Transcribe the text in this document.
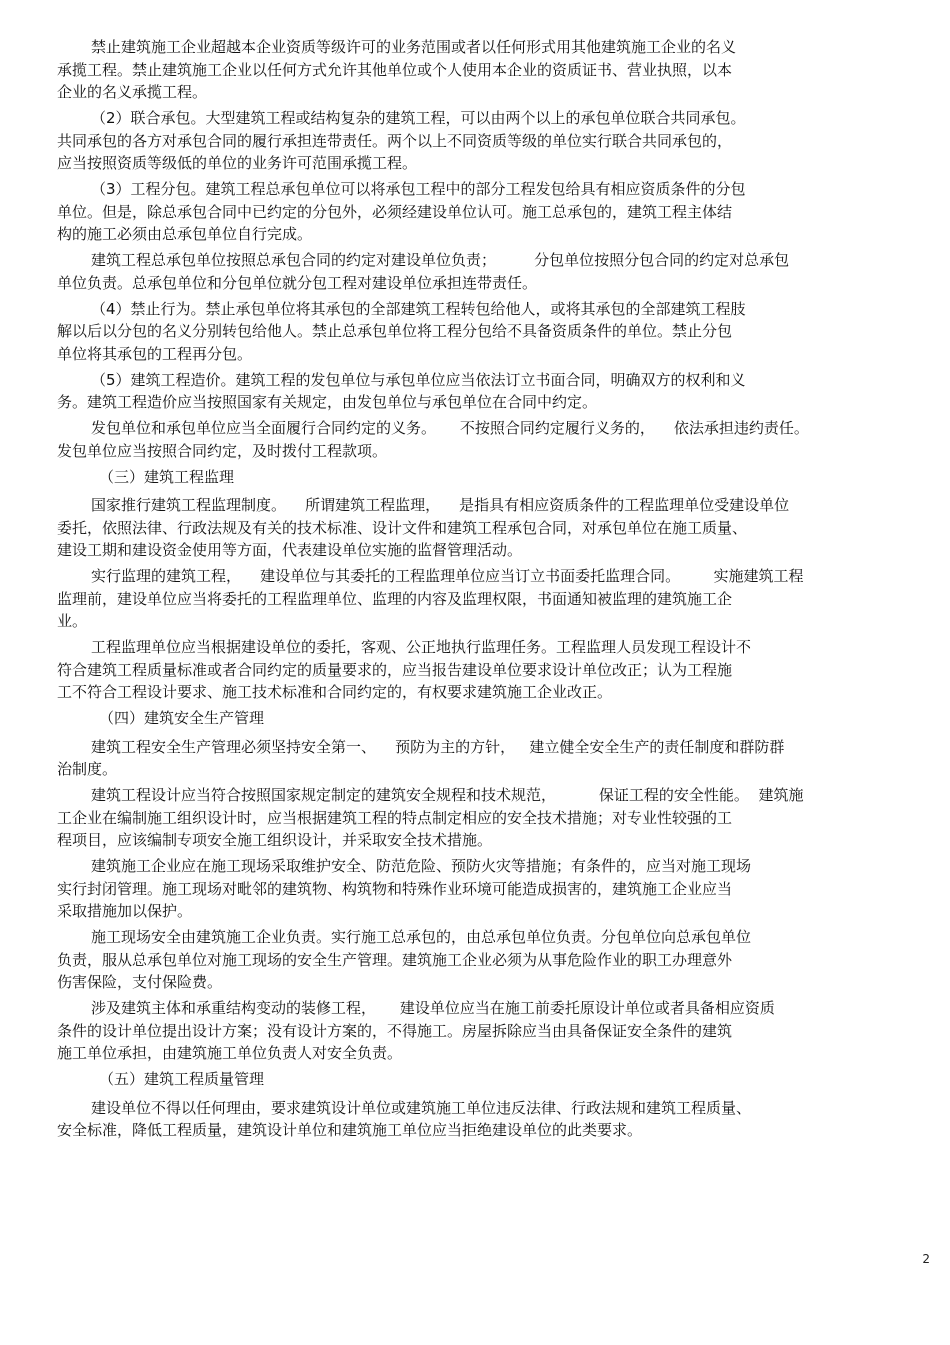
禁止建筑施工企业超越本企业资质等级许可的业务范围或者以任何形式用其他建筑施工企业的名义
承揽工程。禁止建筑施工企业以任何方式允许其他单位或个人使用本企业的资质证书、营业执照，以本
企业的名义承揽工程。
（2）联合承包。大型建筑工程或结构复杂的建筑工程，可以由两个以上的承包单位联合共同承包。
共同承包的各方对承包合同的履行承担连带责任。两个以上不同资质等级的单位实行联合共同承包的，
应当按照资质等级低的单位的业务许可范围承揽工程。
（3）工程分包。建筑工程总承包单位可以将承包工程中的部分工程发包给具有相应资质条件的分包
单位。但是，除总承包合同中已约定的分包外，必须经建设单位认可。施工总承包的，建筑工程主体结
构的施工必须由总承包单位自行完成。
建筑工程总承包单位按照总承包合同的约定对建设单位负责；        分包单位按照分包合同的约定对总承包
单位负责。总承包单位和分包单位就分包工程对建设单位承担连带责任。
（4）禁止行为。禁止承包单位将其承包的全部建筑工程转包给他人，或将其承包的全部建筑工程肢
解以后以分包的名义分别转包给他人。禁止总承包单位将工程分包给不具备资质条件的单位。禁止分包
单位将其承包的工程再分包。
（5）建筑工程造价。建筑工程的发包单位与承包单位应当依法订立书面合同，明确双方的权利和义
务。建筑工程造价应当按照国家有关规定，由发包单位与承包单位在合同中约定。
发包单位和承包单位应当全面履行合同约定的义务。     不按照合同约定履行义务的，    依法承担违约责任。
发包单位应当按照合同约定，及时拨付工程款项。
（三）建筑工程监理
国家推行建筑工程监理制度。    所谓建筑工程监理，    是指具有相应资质条件的工程监理单位受建设单位
委托，依照法律、行政法规及有关的技术标准、设计文件和建筑工程承包合同，对承包单位在施工质量、
建设工期和建设资金使用等方面，代表建设单位实施的监督管理活动。
实行监理的建筑工程，    建设单位与其委托的工程监理单位应当订立书面委托监理合同。       实施建筑工程
监理前，建设单位应当将委托的工程监理单位、监理的内容及监理权限，书面通知被监理的建筑施工企
业。
工程监理单位应当根据建设单位的委托，客观、公正地执行监理任务。工程监理人员发现工程设计不
符合建筑工程质量标准或者合同约定的质量要求的，应当报告建设单位要求设计单位改正；认为工程施
工不符合工程设计要求、施工技术标准和合同约定的，有权要求建筑施工企业改正。
（四）建筑安全生产管理
建筑工程安全生产管理必须坚持安全第一、    预防为主的方针，   建立健全安全生产的责任制度和群防群
治制度。
建筑工程设计应当符合按照国家规定制定的建筑安全规程和技术规范，         保证工程的安全性能。  建筑施
工企业在编制施工组织设计时，应当根据建筑工程的特点制定相应的安全技术措施；对专业性较强的工
程项目，应该编制专项安全施工组织设计，并采取安全技术措施。
建筑施工企业应在施工现场采取维护安全、防范危险、预防火灾等措施；有条件的，应当对施工现场
实行封闭管理。施工现场对毗邻的建筑物、构筑物和特殊作业环境可能造成损害的，建筑施工企业应当
采取措施加以保护。
施工现场安全由建筑施工企业负责。实行施工总承包的，由总承包单位负责。分包单位向总承包单位
负责，服从总承包单位对施工现场的安全生产管理。建筑施工企业必须为从事危险作业的职工办理意外
伤害保险，支付保险费。
涉及建筑主体和承重结构变动的装修工程，     建设单位应当在施工前委托原设计单位或者具备相应资质
条件的设计单位提出设计方案；没有设计方案的，不得施工。房屋拆除应当由具备保证安全条件的建筑
施工单位承担，由建筑施工单位负责人对安全负责。
（五）建筑工程质量管理
建设单位不得以任何理由，要求建筑设计单位或建筑施工单位违反法律、行政法规和建筑工程质量、
安全标准，降低工程质量，建筑设计单位和建筑施工单位应当拒绝建设单位的此类要求。
2
